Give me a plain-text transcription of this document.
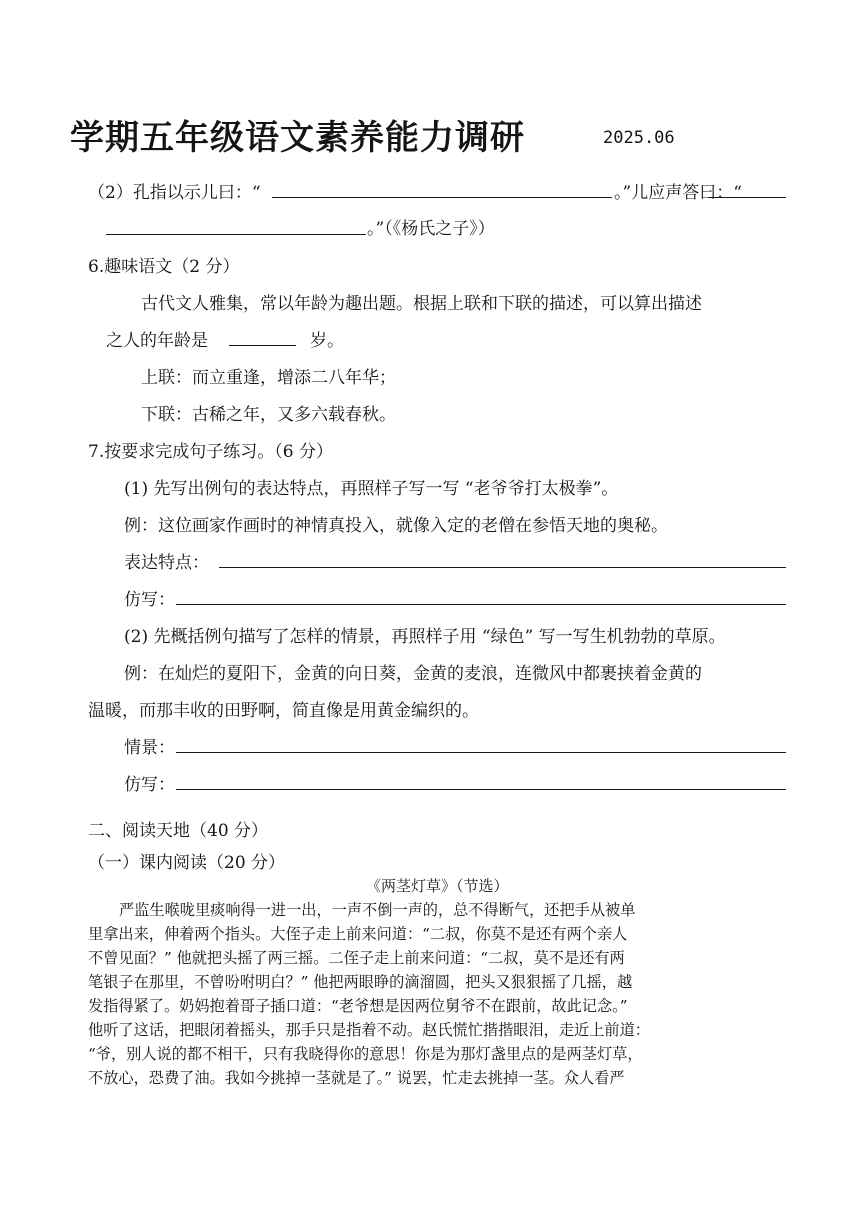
学期五年级语文素养能力调研	2025.06
（2）孔指以示儿曰：“	。”儿应声答曰：“
。”（《杨氏之子》）
6.趣味语文（2 分）
古代文人雅集，常以年龄为趣出题。根据上联和下联的描述，可以算出描述
之人的年龄是	岁。
上联：而立重逢，增添二八年华；
下联：古稀之年，又多六载春秋。
7.按要求完成句子练习。（6 分）
(1) 先写出例句的表达特点，再照样子写一写 “老爷爷打太极拳”。
例：这位画家作画时的神情真投入，就像入定的老僧在参悟天地的奥秘。
表达特点：
仿写：
(2) 先概括例句描写了怎样的情景，再照样子用 “绿色” 写一写生机勃勃的草原。
例：在灿烂的夏阳下，金黄的向日葵，金黄的麦浪，连微风中都裹挟着金黄的
温暖，而那丰收的田野啊，简直像是用黄金编织的。
情景：
仿写：
二、阅读天地（40 分）
（一）课内阅读（20 分）
《两茎灯草》（节选）
严监生喉咙里痰响得一进一出，一声不倒一声的，总不得断气，还把手从被单
里拿出来，伸着两个指头。大侄子走上前来问道：“二叔，你莫不是还有两个亲人
不曾见面？” 他就把头摇了两三摇。二侄子走上前来问道：“二叔，莫不是还有两
笔银子在那里，不曾吩咐明白？” 他把两眼睁的滴溜圆，把头又狠狠摇了几摇，越
发指得紧了。奶妈抱着哥子插口道：“老爷想是因两位舅爷不在跟前，故此记念。”
他听了这话，把眼闭着摇头，那手只是指着不动。赵氏慌忙揩揩眼泪，走近上前道：
“爷，别人说的都不相干，只有我晓得你的意思！你是为那灯盏里点的是两茎灯草，
不放心，恐费了油。我如今挑掉一茎就是了。” 说罢，忙走去挑掉一茎。众人看严
